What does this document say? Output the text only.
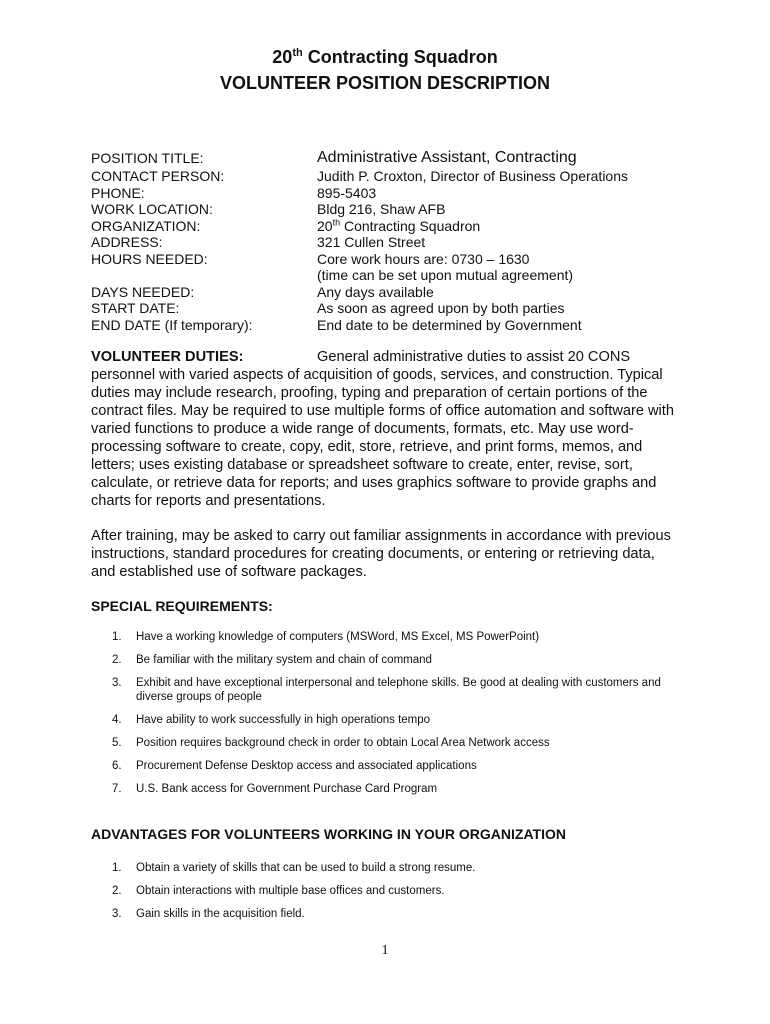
20th Contracting Squadron
VOLUNTEER POSITION DESCRIPTION
POSITION TITLE:	Administrative Assistant, Contracting
CONTACT PERSON:	Judith P. Croxton, Director of Business Operations
PHONE:	895-5403
WORK LOCATION:	Bldg 216, Shaw AFB
ORGANIZATION:	20th Contracting Squadron
ADDRESS:	321 Cullen Street
HOURS NEEDED:	Core work hours are: 0730 – 1630
(time can be set upon mutual agreement)
DAYS NEEDED:	Any days available
START DATE:	As soon as agreed upon by both parties
END DATE (If temporary):	End date to be determined by Government
VOLUNTEER DUTIES:	General administrative duties to assist 20 CONS personnel with varied aspects of acquisition of goods, services, and construction. Typical duties may include research, proofing, typing and preparation of certain portions of the contract files. May be required to use multiple forms of office automation and software with varied functions to produce a wide range of documents, formats, etc. May use word-processing software to create, copy, edit, store, retrieve, and print forms, memos, and letters; uses existing database or spreadsheet software to create, enter, revise, sort, calculate, or retrieve data for reports; and uses graphics software to provide graphs and charts for reports and presentations.
After training, may be asked to carry out familiar assignments in accordance with previous instructions, standard procedures for creating documents, or entering or retrieving data, and established use of software packages.
SPECIAL REQUIREMENTS:
1.	Have a working knowledge of computers (MSWord, MS Excel, MS PowerPoint)
2.	Be familiar with the military system and chain of command
3.	Exhibit and have exceptional interpersonal and telephone skills. Be good at dealing with customers and diverse groups of people
4.	Have ability to work successfully in high operations tempo
5.	Position requires background check in order to obtain Local Area Network access
6.	Procurement Defense Desktop access and associated applications
7.	U.S. Bank access for Government Purchase Card Program
ADVANTAGES FOR VOLUNTEERS WORKING IN YOUR ORGANIZATION
1.	Obtain a variety of skills that can be used to build a strong resume.
2.	Obtain interactions with multiple base offices and customers.
3.	Gain skills in the acquisition field.
1
